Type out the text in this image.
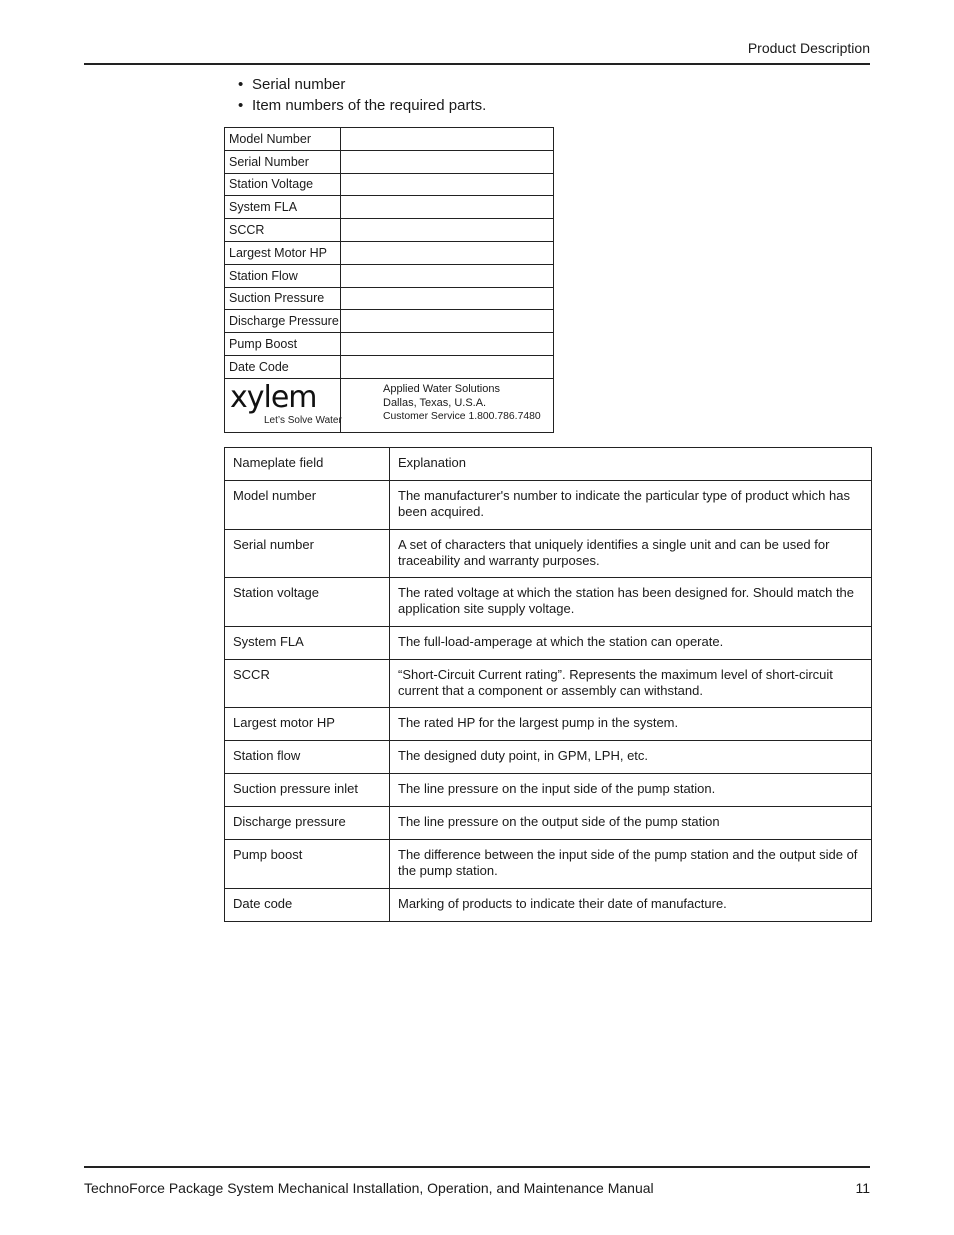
Product Description
• Serial number
• Item numbers of the required parts.
Model Number
Serial Number
Station Voltage
System FLA
SCCR
Largest Motor HP
Station Flow
Suction Pressure
Discharge Pressure
Pump Boost
Date Code
xylem
Let’s Solve Water
Applied Water Solutions
Dallas, Texas, U.S.A.
Customer Service 1.800.786.7480
Nameplate field	Explanation
Model number	The manufacturer's number to indicate the particular type of product which has been acquired.
Serial number	A set of characters that uniquely identifies a single unit and can be used for traceability and warranty purposes.
Station voltage	The rated voltage at which the station has been designed for. Should match the application site supply voltage.
System FLA	The full-load-amperage at which the station can operate.
SCCR	“Short-Circuit Current rating”. Represents the maximum level of short-circuit current that a component or assembly can withstand.
Largest motor HP	The rated HP for the largest pump in the system.
Station flow	The designed duty point, in GPM, LPH, etc.
Suction pressure inlet	The line pressure on the input side of the pump station.
Discharge pressure	The line pressure on the output side of the pump station
Pump boost	The difference between the input side of the pump station and the output side of the pump station.
Date code	Marking of products to indicate their date of manufacture.
TechnoForce Package System Mechanical Installation, Operation, and Maintenance Manual	11
